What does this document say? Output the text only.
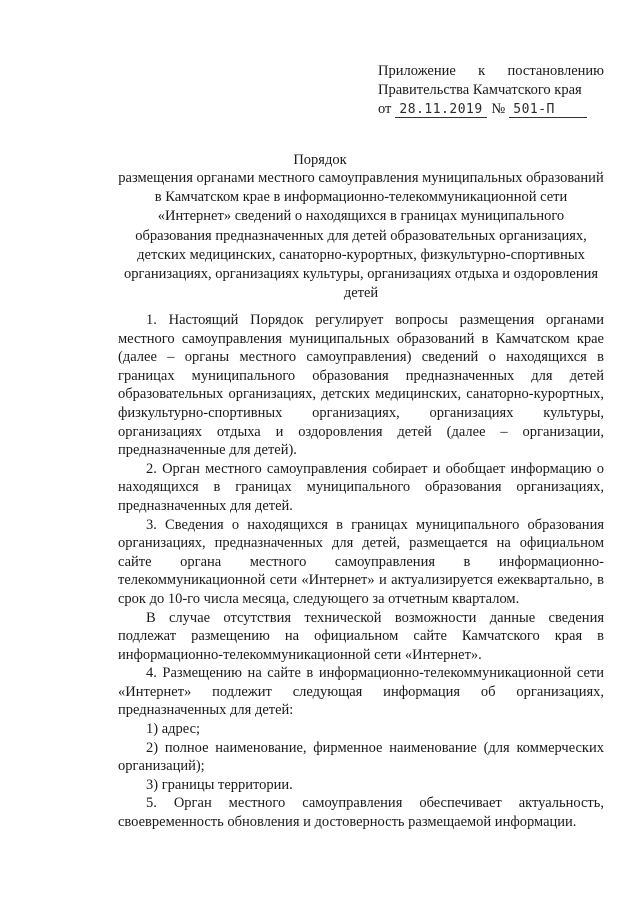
Приложение к постановлению
Правительства Камчатского края
от 28.11.2019 № 501-П
Порядок
размещения органами местного самоуправления муниципальных образований в Камчатском крае в информационно-телекоммуникационной сети «Интернет» сведений о находящихся в границах муниципального образования предназначенных для детей образовательных организациях, детских медицинских, санаторно-курортных, физкультурно-спортивных организациях, организациях культуры, организациях отдыха и оздоровления детей

1. Настоящий Порядок регулирует вопросы размещения органами местного самоуправления муниципальных образований в Камчатском крае (далее – органы местного самоуправления) сведений о находящихся в границах муниципального образования предназначенных для детей образовательных организациях, детских медицинских, санаторно-курортных, физкультурно-спортивных организациях, организациях культуры, организациях отдыха и оздоровления детей (далее – организации, предназначенные для детей).

2. Орган местного самоуправления собирает и обобщает информацию о находящихся в границах муниципального образования организациях, предназначенных для детей.

3. Сведения о находящихся в границах муниципального образования организациях, предназначенных для детей, размещается на официальном сайте органа местного самоуправления в информационно-телекоммуникационной сети «Интернет» и актуализируется ежеквартально, в срок до 10-го числа месяца, следующего за отчетным кварталом.

В случае отсутствия технической возможности данные сведения подлежат размещению на официальном сайте Камчатского края в информационно-телекоммуникационной сети «Интернет».

4. Размещению на сайте в информационно-телекоммуникационной сети «Интернет» подлежит следующая информация об организациях, предназначенных для детей:

1) адрес;

2) полное наименование, фирменное наименование (для коммерческих организаций);

3) границы территории.

5. Орган местного самоуправления обеспечивает актуальность, своевременность обновления и достоверность размещаемой информации.
